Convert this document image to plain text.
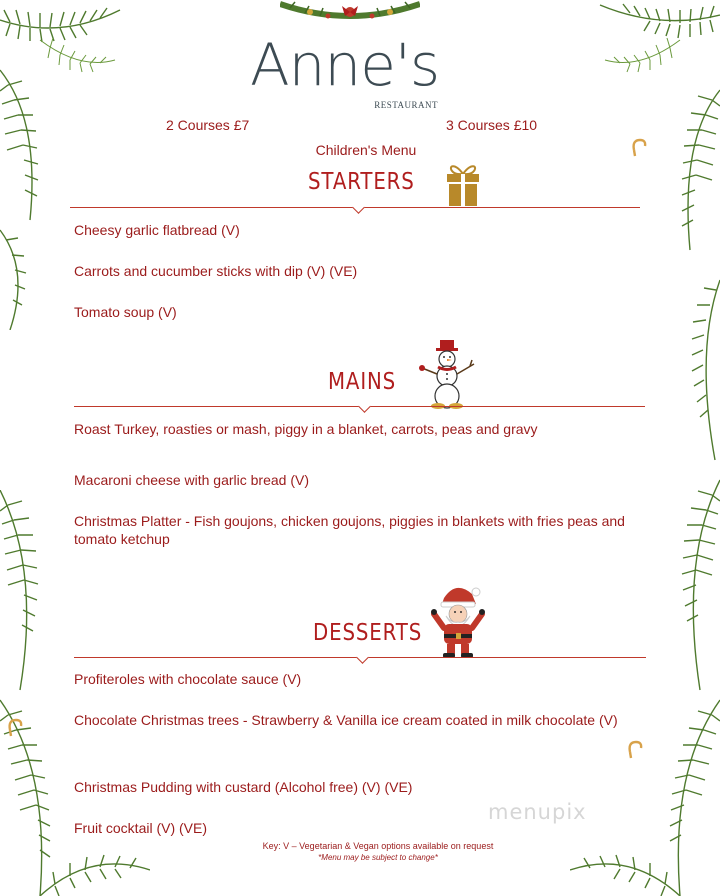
Anne's
RESTAURANT
2 Courses £7	3 Courses £10
Children's Menu
STARTERS
Cheesy garlic flatbread (V)
Carrots and cucumber sticks with dip (V) (VE)
Tomato soup (V)
MAINS
Roast Turkey, roasties or mash, piggy in a blanket, carrots, peas and gravy
Macaroni cheese with garlic bread (V)
Christmas Platter - Fish goujons, chicken goujons, piggies in blankets with fries peas and tomato ketchup
DESSERTS
Profiteroles with chocolate sauce (V)
Chocolate Christmas trees - Strawberry & Vanilla ice cream coated in milk chocolate (V)
Christmas Pudding with custard (Alcohol free) (V) (VE)
Fruit cocktail (V) (VE)
Key: V – Vegetarian & Vegan options available on request
*Menu may be subject to change*
menupix
